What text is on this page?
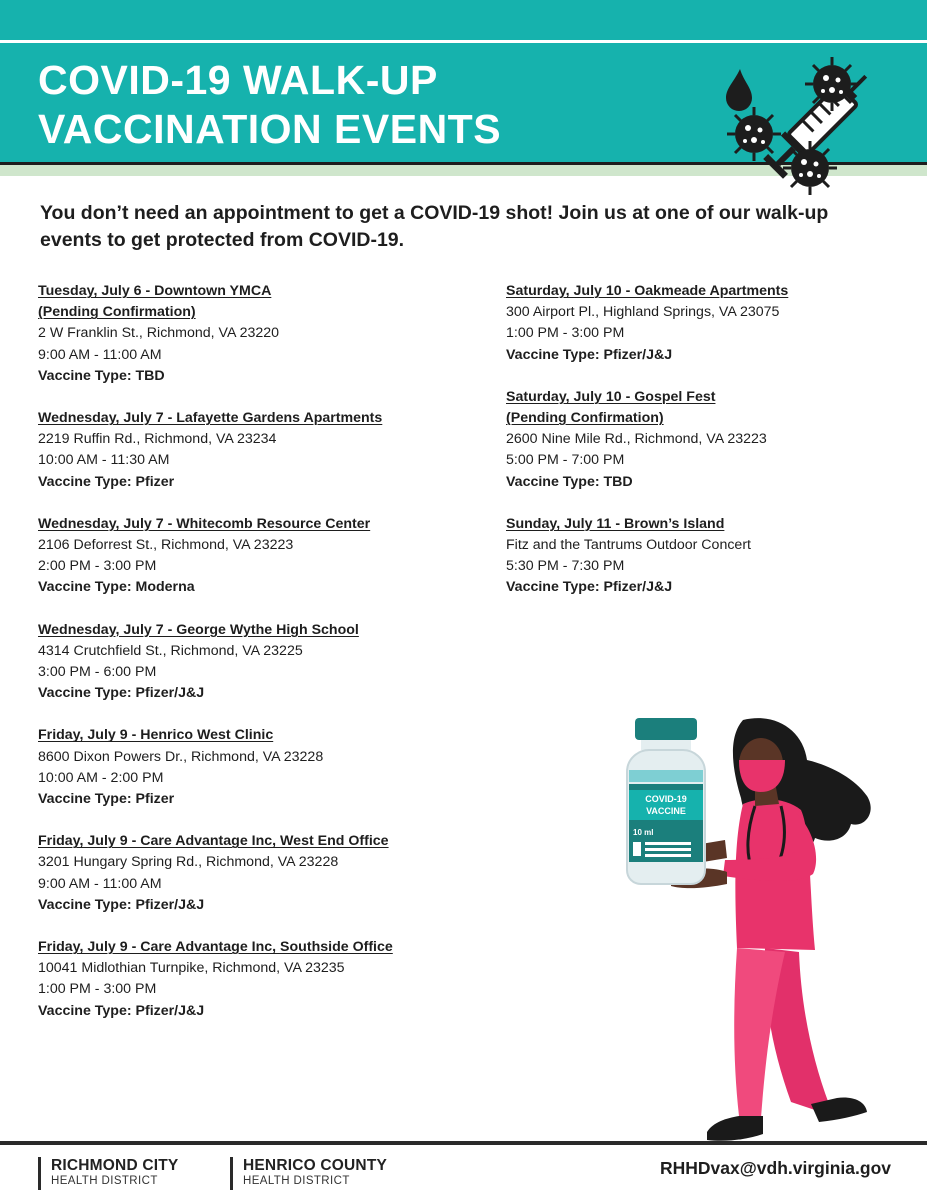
COVID-19 WALK-UP
VACCINATION EVENTS

You don’t need an appointment to get a COVID-19 shot! Join us at one of our walk-up events to get protected from COVID-19.

Tuesday, July 6 - Downtown YMCA
(Pending Confirmation)
2 W Franklin St., Richmond, VA 23220
9:00 AM - 11:00 AM
Vaccine Type: TBD
Wednesday, July 7 - Lafayette Gardens Apartments
2219 Ruffin Rd., Richmond, VA 23234
10:00 AM - 11:30 AM
Vaccine Type: Pfizer
Wednesday, July 7 - Whitecomb Resource Center
2106 Deforrest St., Richmond, VA 23223
2:00 PM - 3:00 PM
Vaccine Type: Moderna
Wednesday, July 7 - George Wythe High School
4314 Crutchfield St., Richmond, VA 23225
3:00 PM - 6:00 PM
Vaccine Type: Pfizer/J&J
Friday, July 9 - Henrico West Clinic
8600 Dixon Powers Dr., Richmond, VA 23228
10:00 AM - 2:00 PM
Vaccine Type: Pfizer
Friday, July 9 - Care Advantage Inc, West End Office
3201 Hungary Spring Rd., Richmond, VA 23228
9:00 AM - 11:00 AM
Vaccine Type: Pfizer/J&J
Friday, July 9 - Care Advantage Inc, Southside Office
10041 Midlothian Turnpike, Richmond, VA 23235
1:00 PM - 3:00 PM
Vaccine Type: Pfizer/J&J
Saturday, July 10 - Oakmeade Apartments
300 Airport Pl., Highland Springs, VA 23075
1:00 PM - 3:00 PM
Vaccine Type: Pfizer/J&J
Saturday, July 10 - Gospel Fest
(Pending Confirmation)
2600 Nine Mile Rd., Richmond, VA 23223
5:00 PM - 7:00 PM
Vaccine Type: TBD
Sunday, July 11 - Brown’s Island
Fitz and the Tantrums Outdoor Concert
5:30 PM - 7:30 PM
Vaccine Type: Pfizer/J&J
COVID-19
VACCINE
10 ml
RICHMOND CITY
HEALTH DISTRICT
HENRICO COUNTY
HEALTH DISTRICT
RHHDvax@vdh.virginia.gov
